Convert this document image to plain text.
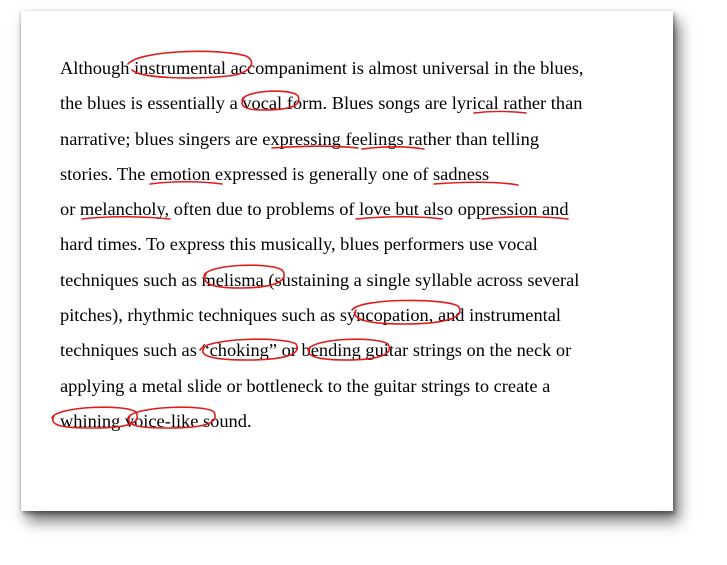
Although instrumental accompaniment is almost universal in the blues,
the blues is essentially a vocal form. Blues songs are lyrical rather than
narrative; blues singers are expressing feelings rather than telling
stories. The emotion expressed is generally one of sadness
or melancholy, often due to problems of love but also oppression and
hard times. To express this musically, blues performers use vocal
techniques such as melisma (sustaining a single syllable across several
pitches), rhythmic techniques such as syncopation, and instrumental
techniques such as “choking” or bending guitar strings on the neck or
applying a metal slide or bottleneck to the guitar strings to create a
whining voice-like sound.
